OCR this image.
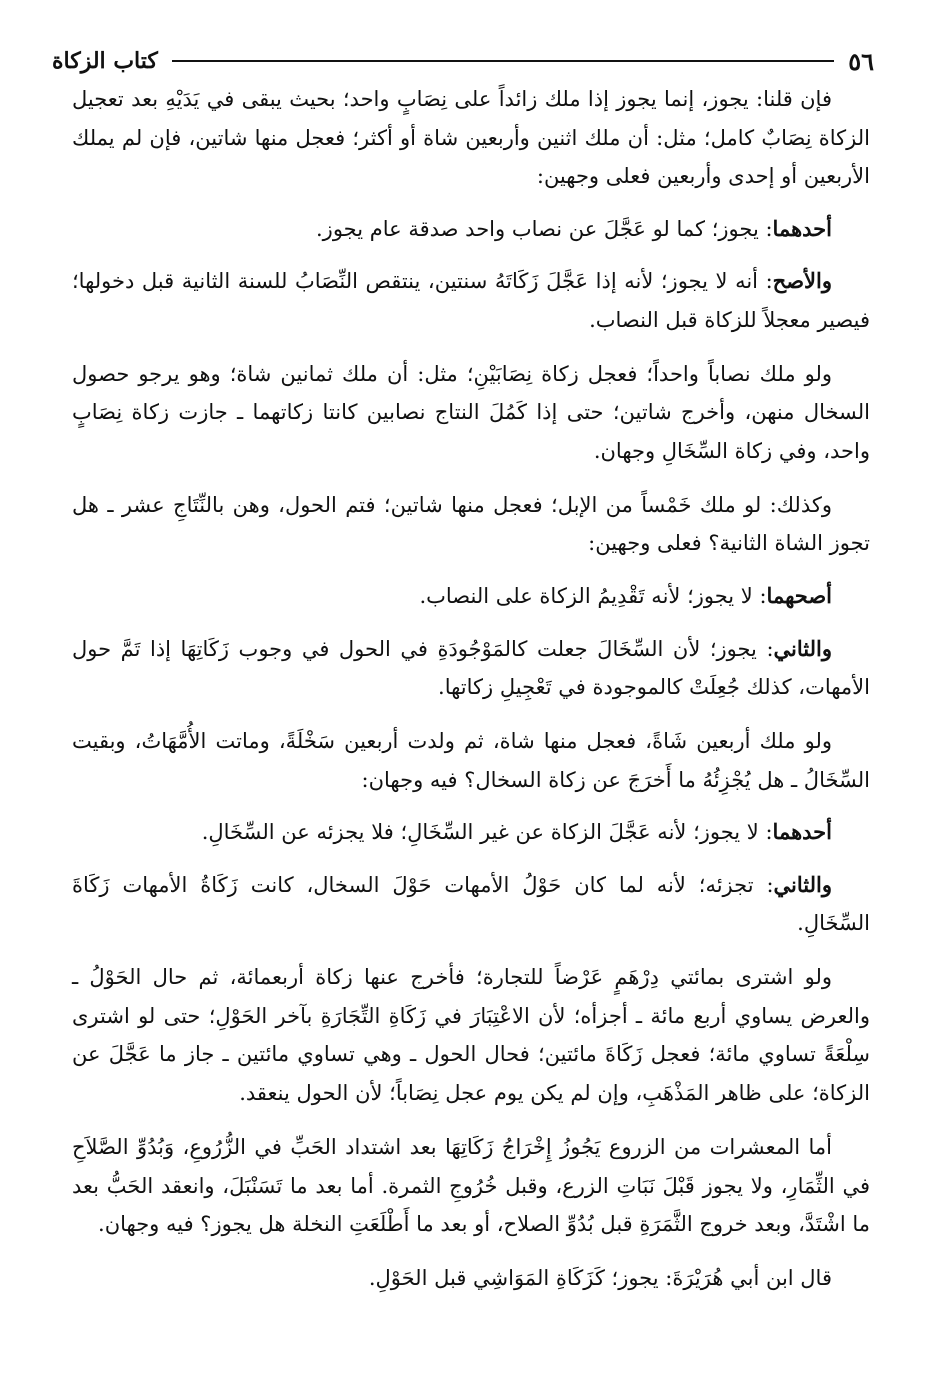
٥٦
كتاب الزكاة

فإن قلنا: يجوز، إنما يجوز إذا ملك زائداً على نِصَابٍ واحد؛ بحيث يبقى في يَدَيْهِ بعد تعجيل الزكاة نِصَابٌ كامل؛ مثل: أن ملك اثنين وأربعين شاة أو أكثر؛ فعجل منها شاتين، فإن لم يملك الأربعين أو إحدى وأربعين فعلى وجهين:

أحدهما: يجوز؛ كما لو عَجَّلَ عن نصاب واحد صدقة عام يجوز.

والأصح: أنه لا يجوز؛ لأنه إذا عَجَّلَ زَكَاتَهُ سنتين، ينتقص النِّصَابُ للسنة الثانية قبل دخولها؛ فيصير معجلاً للزكاة قبل النصاب.

ولو ملك نصاباً واحداً؛ فعجل زكاة نِصَابَيْنِ؛ مثل: أن ملك ثمانين شاة؛ وهو يرجو حصول السخال منهن، وأخرج شاتين؛ حتى إذا كَمُلَ النتاج نصابين كانتا زكاتهما ـ جازت زكاة نِصَابٍ واحد، وفي زكاة السِّخَالِ وجهان.

وكذلك: لو ملك خَمْساً من الإبل؛ فعجل منها شاتين؛ فتم الحول، وهن بالنِّتَاجِ عشر ـ هل تجوز الشاة الثانية؟ فعلى وجهين:

أصحهما: لا يجوز؛ لأنه تَقْدِيمُ الزكاة على النصاب.

والثاني: يجوز؛ لأن السِّخَالَ جعلت كالمَوْجُودَةِ في الحول في وجوب زَكَاتِهَا إذا تَمَّ حول الأمهات، كذلك جُعِلَتْ كالموجودة في تَعْجِيلِ زكاتها.

ولو ملك أربعين شَاةً، فعجل منها شاة، ثم ولدت أربعين سَخْلَةً، وماتت الأُمَّهَاتُ، وبقيت السِّخَالُ ـ هل يُجْزِئُهُ ما أَخرَجَ عن زكاة السخال؟ فيه وجهان:

أحدهما: لا يجوز؛ لأنه عَجَّلَ الزكاة عن غير السِّخَالِ؛ فلا يجزئه عن السِّخَالِ.

والثاني: تجزئه؛ لأنه لما كان حَوْلُ الأمهات حَوْلَ السخال، كانت زَكَاةُ الأمهات زَكَاةَ السِّخَالِ.

ولو اشترى بمائتي دِرْهَمٍ عَرْضاً للتجارة؛ فأخرج عنها زكاة أربعمائة، ثم حال الحَوْلُ ـ والعرض يساوي أربع مائة ـ أجزأه؛ لأن الاعْتِبَارَ في زَكَاةِ التِّجَارَةِ بآخر الحَوْلِ؛ حتى لو اشترى سِلْعَةً تساوي مائة؛ فعجل زَكَاةَ مائتين؛ فحال الحول ـ وهي تساوي مائتين ـ جاز ما عَجَّلَ عن الزكاة؛ على ظاهر المَذْهَبِ، وإن لم يكن يوم عجل نِصَاباً؛ لأن الحول ينعقد.

أما المعشرات من الزروع يَجُوزُ إِخْرَاجُ زَكَاتِهَا بعد اشتداد الحَبِّ في الزُّرُوعِ، وَبُدُوِّ الصَّلاَحِ في الثِّمَارِ، ولا يجوز قَبْلَ نَبَاتِ الزرع، وقبل خُرُوجِ الثمرة. أما بعد ما تَسَنْبَلَ، وانعقد الحَبُّ بعد ما اشْتَدَّ، وبعد خروج الثَّمَرَةِ قبل بُدُوِّ الصلاح، أو بعد ما أَطْلَعَتِ النخلة هل يجوز؟ فيه وجهان.

قال ابن أبي هُرَيْرَةَ: يجوز؛ كَزَكَاةِ المَوَاشِي قبل الحَوْلِ.
